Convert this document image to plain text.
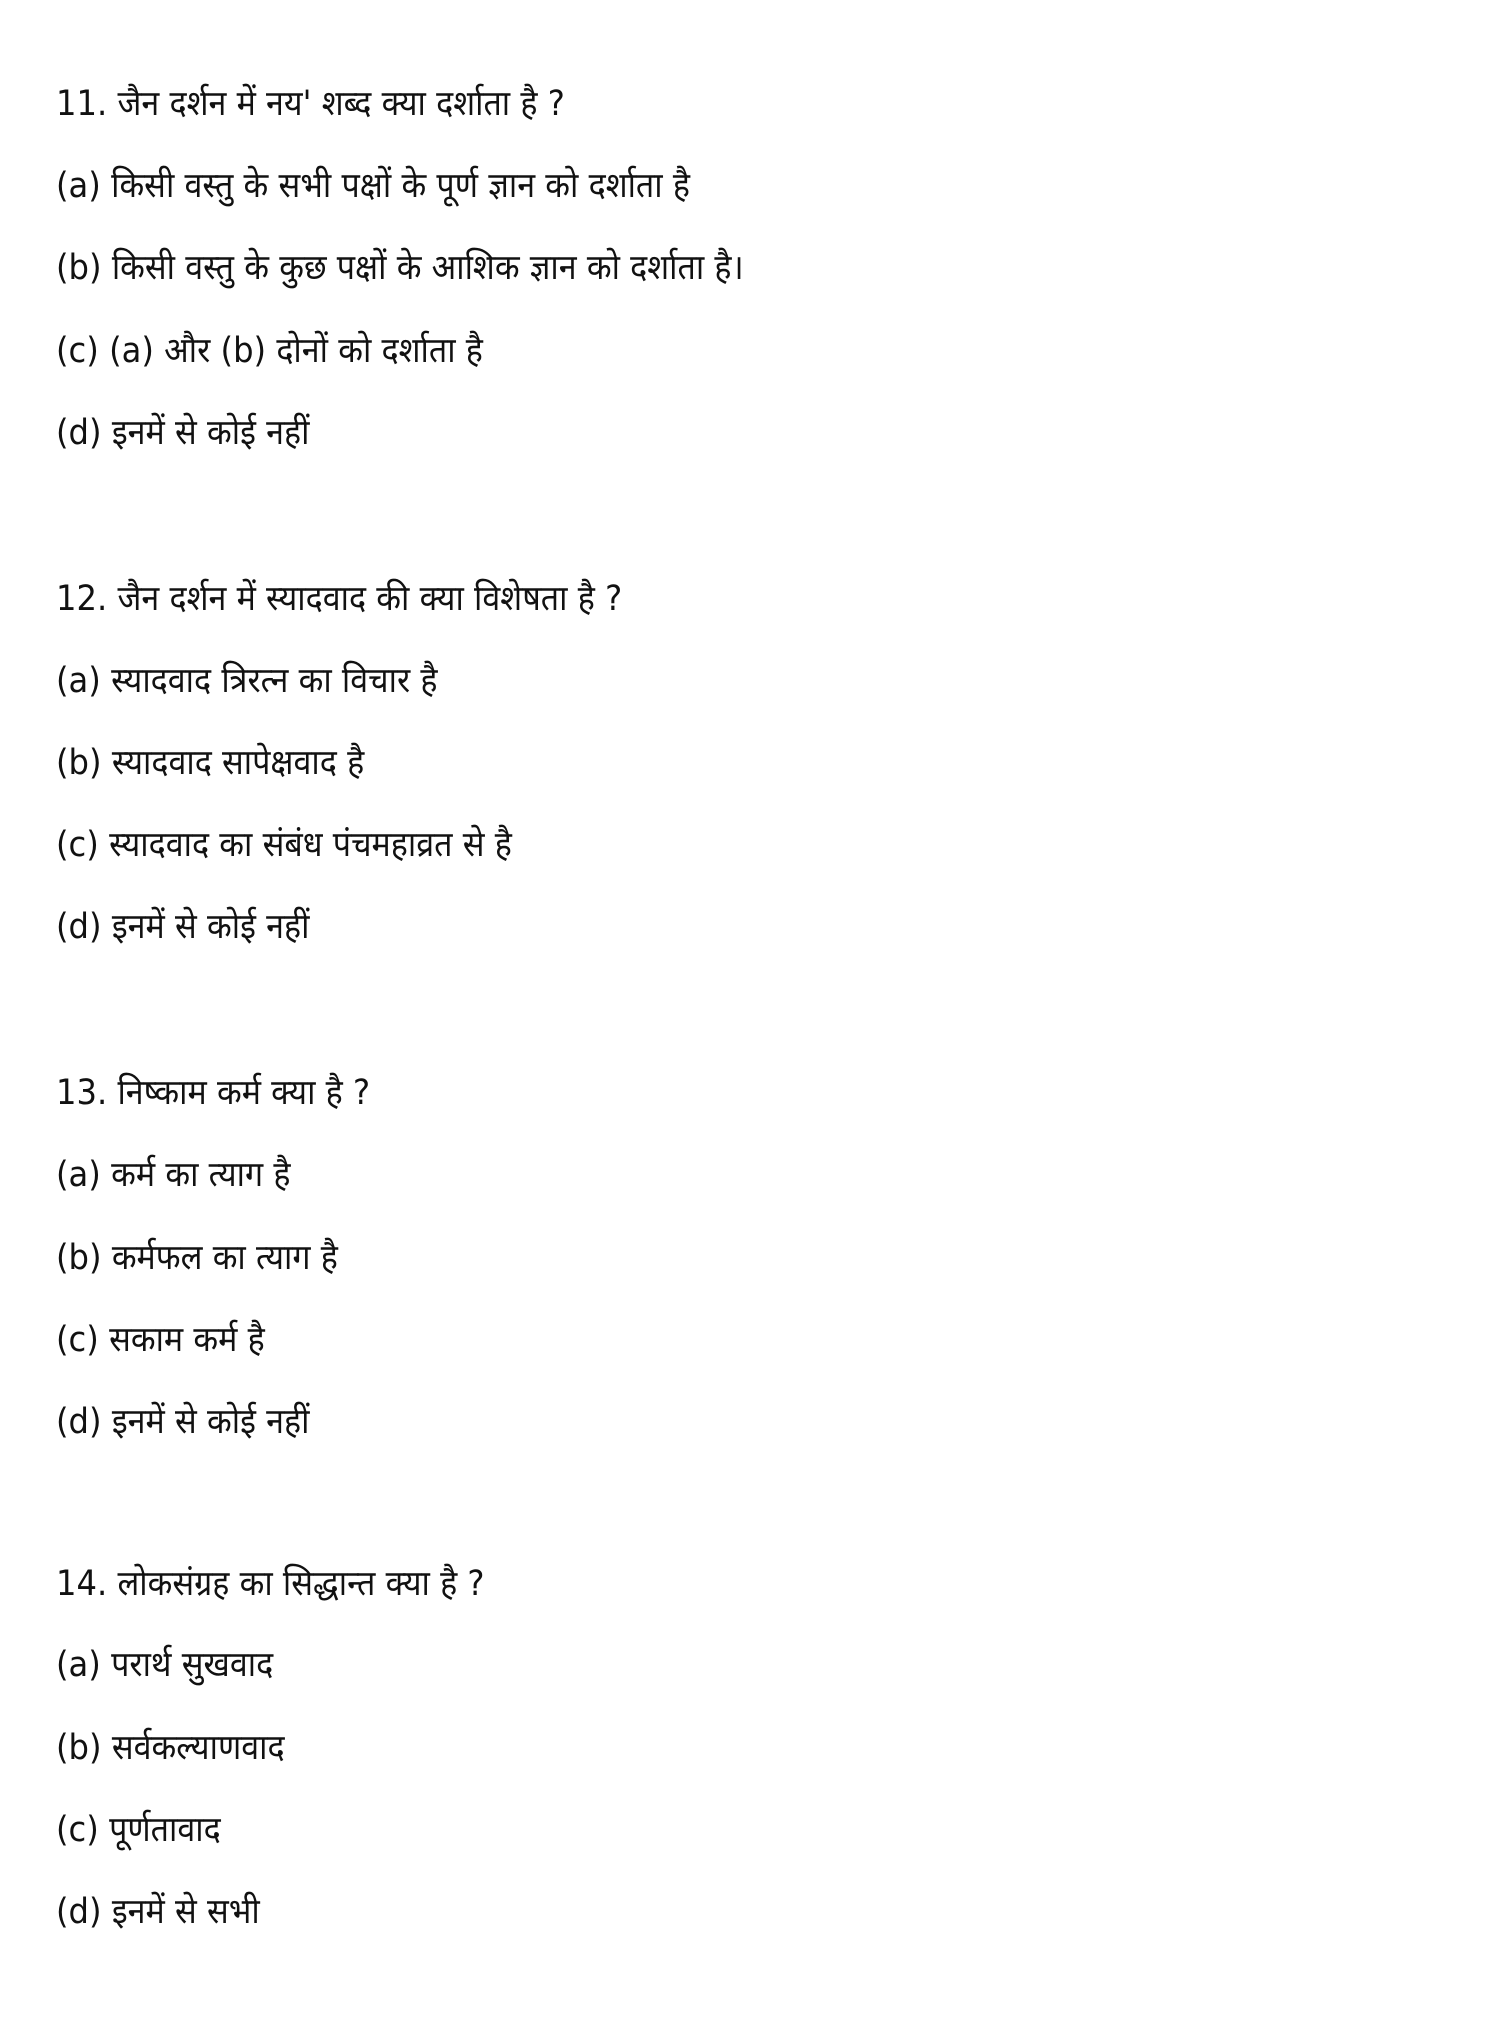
11. जैन दर्शन में नय' शब्द क्या दर्शाता है ?
(a) किसी वस्तु के सभी पक्षों के पूर्ण ज्ञान को दर्शाता है
(b) किसी वस्तु के कुछ पक्षों के आशिक ज्ञान को दर्शाता है।
(c) (a) और (b) दोनों को दर्शाता है
(d) इनमें से कोई नहीं
12. जैन दर्शन में स्यादवाद की क्या विशेषता है ?
(a) स्यादवाद त्रिरत्न का विचार है
(b) स्यादवाद सापेक्षवाद है
(c) स्यादवाद का संबंध पंचमहाव्रत से है
(d) इनमें से कोई नहीं
13. निष्काम कर्म क्या है ?
(a) कर्म का त्याग है
(b) कर्मफल का त्याग है
(c) सकाम कर्म है
(d) इनमें से कोई नहीं
14. लोकसंग्रह का सिद्धान्त क्या है ?
(a) परार्थ सुखवाद
(b) सर्वकल्याणवाद
(c) पूर्णतावाद
(d) इनमें से सभी
